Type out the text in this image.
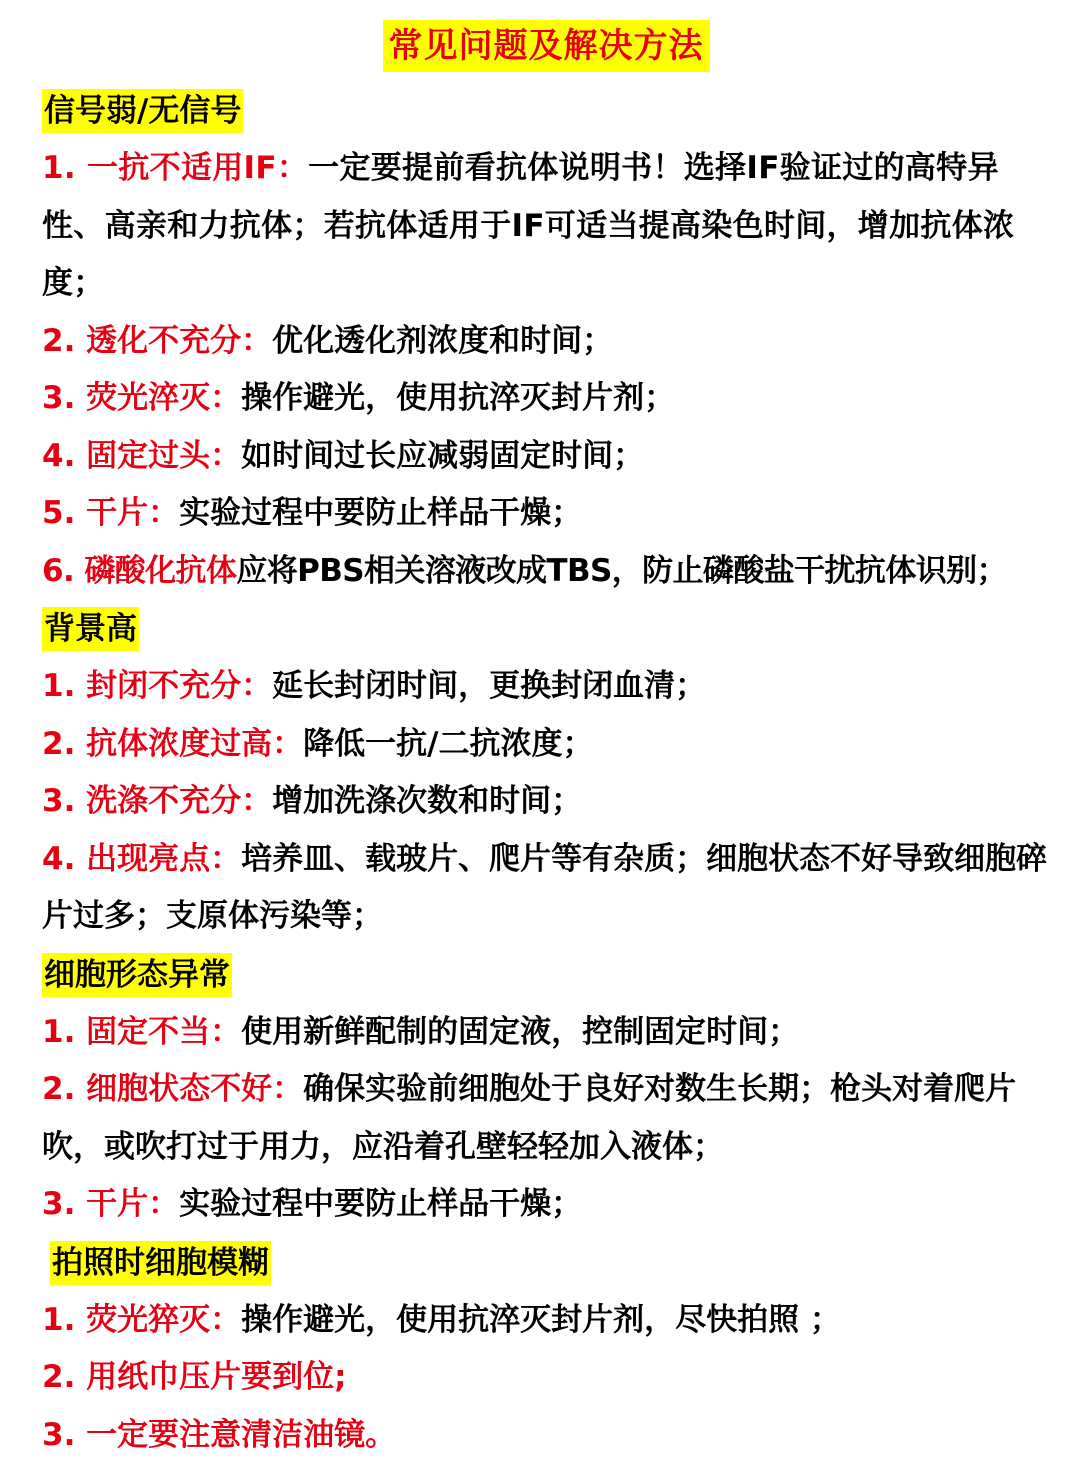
常见问题及解决方法
信号弱/无信号

1. 一抗不适用IF：一定要提前看抗体说明书！选择IF验证过的高特异性、高亲和力抗体；若抗体适用于IF可适当提高染色时间，增加抗体浓度；

2. 透化不充分：优化透化剂浓度和时间；

3. 荧光淬灭：操作避光，使用抗淬灭封片剂；

4. 固定过头：如时间过长应减弱固定时间；

5. 干片：实验过程中要防止样品干燥；

6. 磷酸化抗体应将PBS相关溶液改成TBS，防止磷酸盐干扰抗体识别；

背景高

1. 封闭不充分：延长封闭时间，更换封闭血清；

2. 抗体浓度过高：降低一抗/二抗浓度；

3. 洗涤不充分：增加洗涤次数和时间；

4. 出现亮点：培养皿、载玻片、爬片等有杂质；细胞状态不好导致细胞碎片过多；支原体污染等；

细胞形态异常

1. 固定不当：使用新鲜配制的固定液，控制固定时间；

2. 细胞状态不好：确保实验前细胞处于良好对数生长期；枪头对着爬片吹，或吹打过于用力，应沿着孔壁轻轻加入液体；

3. 干片：实验过程中要防止样品干燥；

拍照时细胞模糊

1. 荧光猝灭：操作避光，使用抗淬灭封片剂，尽快拍照 ；

2. 用纸巾压片要到位;

3. 一定要注意清洁油镜。
